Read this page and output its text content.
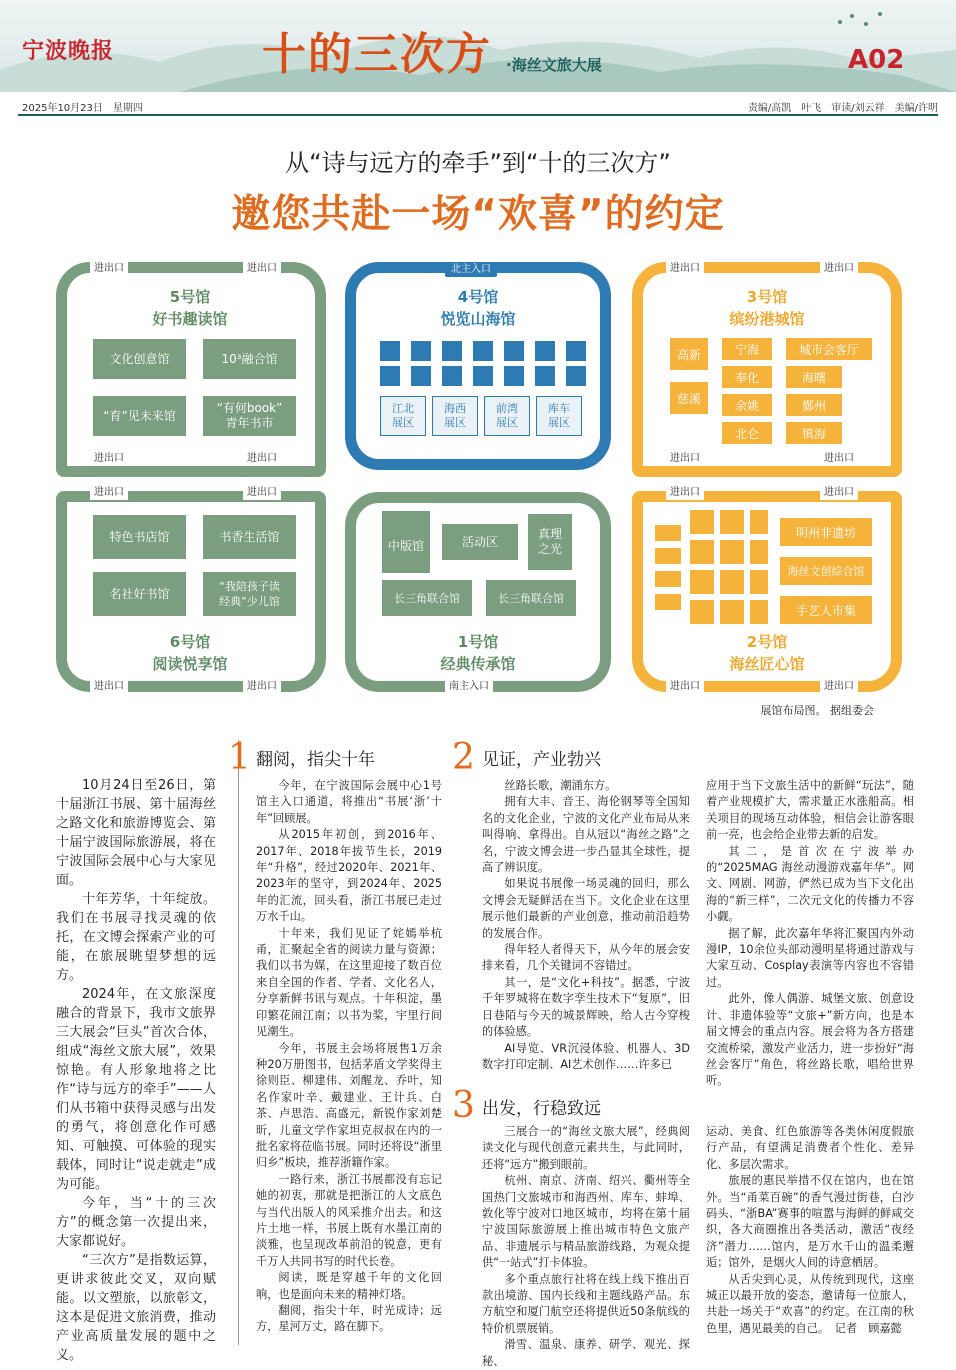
宁波晚报	十的三次方 ·海丝文旅大展	A02
2025年10月23日　星期四	责编/高凯　叶飞　审读/刘云祥　美编/许明
从“诗与远方的牵手”到“十的三次方”
邀您共赴一场“欢喜”的约定
进出口	进出口
进出口	进出口
进出口	进出口
进出口	进出口
5号馆
好书趣读馆
文化创意馆	10³融合馆
“育”见未来馆
“有何book”
青年书市
特色书店馆	书香生活馆
名社好书馆	“我陪孩子读
经典”少儿馆
6号馆
阅读悦享馆
北主入口
4号馆
悦览山海馆
江北
展区
海西
展区
前湾
展区
库车
展区
南主入口
中版馆	活动区
真理
之光
长三角联合馆	长三角联合馆
1号馆
经典传承馆
进出口	进出口
进出口	进出口
进出口	进出口
进出口	进出口
3号馆
缤纷港城馆
高新
慈溪
宁海
奉化
余姚
北仑
城市会客厅
海曙
鄞州
镇海
明州非遗坊
海丝文创综合馆
手艺人市集
2号馆
海丝匠心馆
展馆布局图。 据组委会

10月24日至26日，第十届浙江书展、第十届海丝之路文化和旅游博览会、第十届宁波国际旅游展，将在宁波国际会展中心与大家见面。

十年芳华，十年绽放。我们在书展寻找灵魂的依托，在文博会探索产业的可能，在旅展眺望梦想的远方。

2024年，在文旅深度融合的背景下，我市文旅界三大展会“巨头”首次合体，组成“海丝文旅大展”，效果惊艳。有人形象地将之比作“诗与远方的牵手”——人们从书箱中获得灵感与出发的勇气，将创意化作可感知、可触摸、可体验的现实载体，同时让“说走就走”成为可能。

今年，当“十的三次方”的概念第一次提出来，大家都说好。

“三次方”是指数运算，更讲求彼此交叉，双向赋能。以文塑旅，以旅彰文，这本是促进文旅消费，推动产业高质量发展的题中之义。

1 翻阅，指尖十年

今年，在宁波国际会展中心1号馆主入口通道，将推出“书展‘浙’十年”回顾展。

从2015年初创，到2016年、2017年、2018年拔节生长，2019年“升格”，经过2020年、2021年、2023年的坚守，到2024年、2025年的汇流，回头看，浙江书展已走过万水千山。

十年来，我们见证了姹嫣举杭甬，汇聚起全省的阅读力量与资源；我们以书为媒，在这里迎接了数百位来自全国的作者、学者、文化名人，分享新鲜书讯与观点。十年积淀，墨印繁花闹江南；以书为桨，宇里行间见潮生。

今年，书展主会场将展售1万余种20万册图书，包括茅盾文学奖得主徐则臣、柳建伟、刘醒龙、乔叶，知名作家叶辛、戴建业、王计兵、白茶、卢思浩、高盛元，新锐作家刘楚昕，儿童文学作家坦克叔叔在内的一批名家将莅临书展。同时还将设“浙里归乡”板块，推荐浙籍作家。

一路行来，浙江书展都没有忘记她的初衷，那就是把浙江的人文底色与当代出版人的风采推介出去。和这片土地一样，书展上既有水墨江南的淡雅，也呈现改革前沿的锐意，更有千万人共同书写的时代长卷。

阅读，既是穿越千年的文化回响，也是面向未来的精神灯塔。

翻阅，指尖十年，时光成诗；远方，星河万丈，路在脚下。

2 见证，产业勃兴

丝路长歌，潮涌东方。

拥有大丰、音王、海伦钢琴等全国知名的文化企业，宁波的文化产业布局从来叫得响、拿得出。自从冠以“海丝之路”之名，宁波文博会进一步凸显其全球性，提高了辨识度。

如果说书展像一场灵魂的回归，那么文博会无疑鲜活在当下。文化企业在这里展示他们最新的产业创意，推动前沿趋势的发展合作。

得年轻人者得天下，从今年的展会安排来看，几个关键词不容错过。

其一，是“文化+科技”。据悉，宁波千年罗城将在数字孪生技术下“复原”，旧日巷陌与今天的城景辉映，给人古今穿梭的体验感。

AI导览、VR沉浸体验、机器人、3D数字打印定制、AI艺术创作……许多已

应用于当下文旅生活中的新鲜“玩法”，随着产业规模扩大，需求量正水涨船高。相关项目的现场互动体验，相信会让游客眼前一亮，也会给企业带去新的启发。

其二，是首次在宁波举办的“2025MAG 海丝动漫游戏嘉年华”。网文、网剧、网游，俨然已成为当下文化出海的“新三样”，二次元文化的传播力不容小觑。

据了解，此次嘉年华将汇聚国内外动漫IP，10余位头部动漫明星将通过游戏与大家互动、Cosplay表演等内容也不容错过。

此外，像人偶游、城堡文旅、创意设计、非遗体验等“文旅+”新方向，也是本届文博会的重点内容。展会将为各方搭建交流桥梁，激发产业活力，进一步扮好“海丝会客厅”角色，将丝路长歌，唱给世界听。

3 出发，行稳致远

三展合一的“海丝文旅大展”，经典阅读文化与现代创意元素共生，与此同时，还将“远方”搬到眼前。

杭州、南京、济南、绍兴、衢州等全国热门文旅城市和海西州、库车、蚌埠、敦化等宁波对口地区城市，均将在第十届宁波国际旅游展上推出城市特色文旅产品、非遗展示与精品旅游线路，为观众提供“一站式”打卡体验。

多个重点旅行社将在线上线下推出百款出境游、国内长线和主题线路产品。东方航空和厦门航空还将提供近50条航线的特价机票展销。

滑雪、温泉、康养、研学、观光、探秘、

运动、美食、红色旅游等各类休闲度假旅行产品，有望满足消费者个性化、差异化、多层次需求。

旅展的惠民举措不仅在馆内，也在馆外。当“甬菜百碗”的香气漫过街巷，白沙码头、“浙BA”赛事的喧嚣与海鲜的鲜咸交织，各大商圈推出各类活动，激活“夜经济”潜力……馆内，是万水千山的温柔邂逅；馆外，是烟火人间的诗意栖居。

从舌尖到心灵，从传统到现代，这座城正以最开放的姿态，邀请每一位旅人，共赴一场关于“欢喜”的约定。在江南的秋色里，遇见最美的自己。　记者　顾嘉懿
